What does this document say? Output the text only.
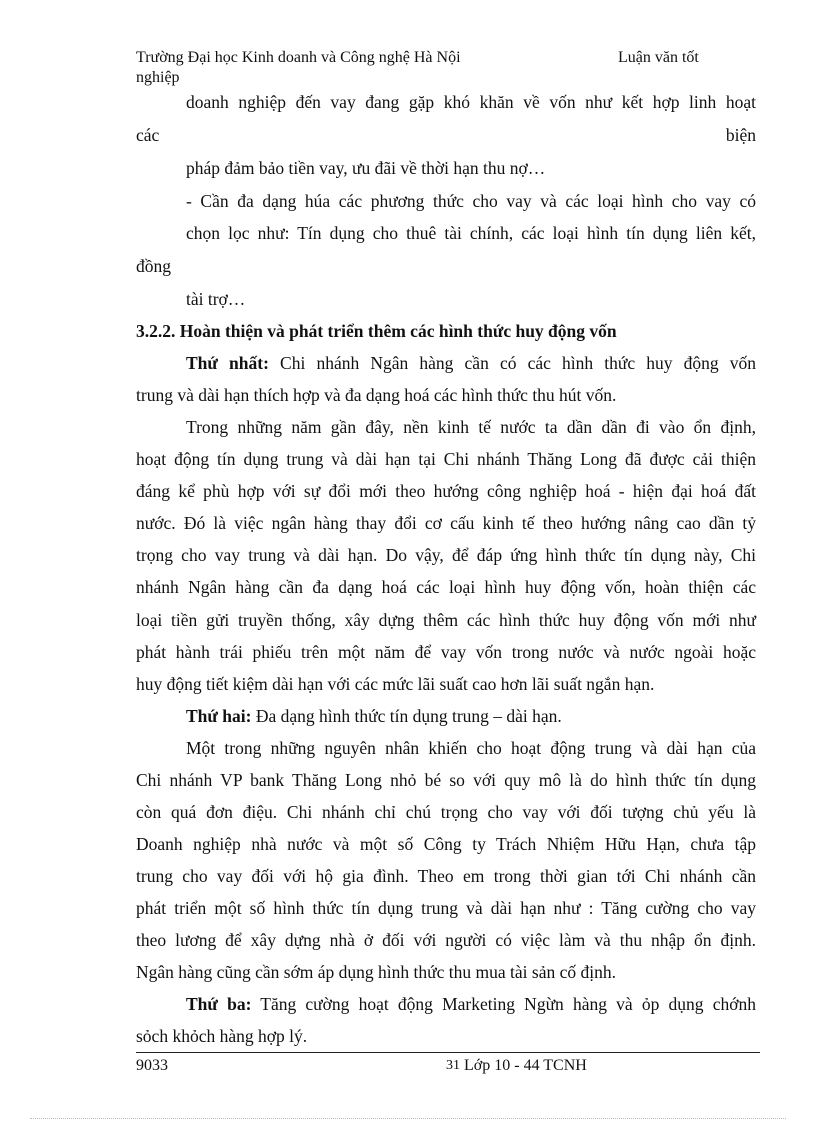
Trường Đại học Kinh doanh và Công nghệ Hà Nội	Luận văn tốt
nghiệp
doanh nghiệp đến vay đang gặp khó khăn về vốn như kết hợp linh hoạt
các	biện
pháp đảm bảo tiền vay, ưu đãi về thời hạn thu nợ…
- Cần đa dạng húa các phương thức cho vay và các loại hình cho vay có
chọn lọc như: Tín dụng cho thuê tài chính, các loại hình tín dụng liên kết,
đồng
tài trợ…
3.2.2. Hoàn thiện và phát triển thêm các hình thức huy động vốn
Thứ nhất: Chi nhánh Ngân hàng cần có các hình thức huy động vốn
trung và dài hạn thích hợp và đa dạng hoá các hình thức thu hút vốn.
Trong những năm gần đây, nền kinh tế nước ta dần dần đi vào ổn định,
hoạt động tín dụng trung và dài hạn tại Chi nhánh Thăng Long đã được cải thiện
đáng kể phù hợp với sự đổi mới theo hướng công nghiệp hoá - hiện đại hoá đất
nước. Đó là việc ngân hàng thay đổi cơ cấu kinh tế theo hướng nâng cao dần tỷ
trọng cho vay trung và dài hạn. Do vậy, để đáp ứng hình thức tín dụng này, Chi
nhánh Ngân hàng cần đa dạng hoá các loại hình huy động vốn, hoàn thiện các
loại tiền gửi truyền thống, xây dựng thêm các hình thức huy động vốn mới như
phát hành trái phiếu trên một năm để vay vốn trong nước và nước ngoài hoặc
huy động tiết kiệm dài hạn với các mức lãi suất cao hơn lãi suất ngắn hạn.
Thứ hai: Đa dạng hình thức tín dụng trung – dài hạn.
Một trong những nguyên nhân khiến cho hoạt động trung và dài hạn của
Chi nhánh VP bank Thăng Long nhỏ bé so với quy mô là do hình thức tín dụng
còn quá đơn điệu. Chi nhánh chỉ chú trọng cho vay với đối tượng chủ yếu là
Doanh nghiệp nhà nước và một số Công ty Trách Nhiệm Hữu Hạn, chưa tập
trung cho vay đối với hộ gia đình. Theo em trong thời gian tới Chi nhánh cần
phát triển một số hình thức tín dụng trung và dài hạn như : Tăng cường cho vay
theo lương để xây dựng nhà ở đối với người có việc làm và thu nhập ổn định.
Ngân hàng cũng cần sớm áp dụng hình thức thu mua tài sản cố định.
Thứ ba: Tăng cường hoạt động Marketing Ngừn hàng và ỏp dụng chớnh
sỏch khỏch hàng hợp lý.
9033	31 Lớp 10 - 44 TCNH
